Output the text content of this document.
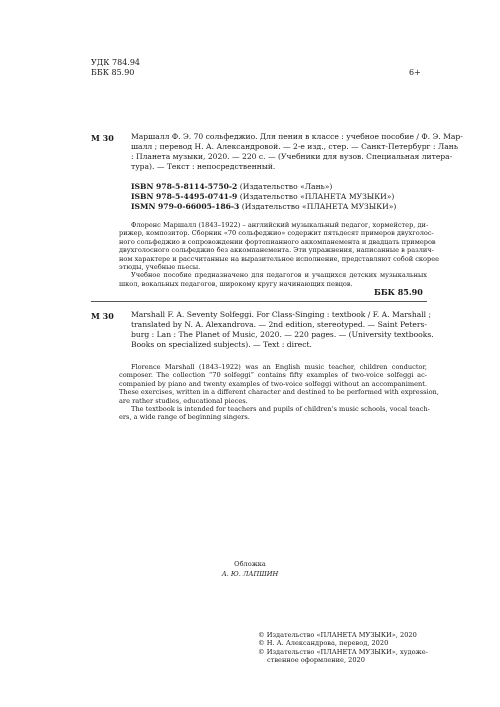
УДК 784.94
ББК 85.90	6+
М 30 Маршалл Ф. Э. 70 сольфеджио. Для пения в классе : учебное пособие / Ф. Э. Мар-
шалл ; перевод Н. А. Александровой. — 2-е изд., стер. — Санкт-Петербург : Лань
: Планета музыки, 2020. — 220 с. — (Учебники для вузов. Специальная литера-
тура). — Текст : непосредственный.
ISBN 978-5-8114-5750-2 (Издательство «Лань»)
ISBN 978-5-4495-0741-9 (Издательство «ПЛАНЕТА МУЗЫКИ»)
ISMN 979-0-66005-186-3 (Издательство «ПЛАНЕТА МУЗЫКИ»)
Флоренс Маршалл (1843–1922) – английский музыкальный педагог, хормейстер, ди-
рижер, композитор. Сборник «70 сольфеджио» содержит пятьдесят примеров двухголос-
ного сольфеджио в сопровождении фортепианного аккомпанемента и двадцать примеров
двухголосного сольфеджио без аккомпанемента. Эти упражнения, написанные в различ-
ном характере и рассчитанные на выразительное исполнение, представляют собой скорее
этюды, учебные пьесы.
Учебное пособие предназначено для педагогов и учащихся детских музыкальных
школ, вокальных педагогов, широкому кругу начинающих певцов.
ББК 85.90
М 30 Marshall F. A. Seventy Solfeggi. For Class-Singing : textbook / F. A. Marshall ;
translated by N. A. Alexandrova. — 2nd edition, stereotyped. — Saint Peters-
burg : Lan : The Planet of Music, 2020. — 220 pages. — (University textbooks.
Books on specialized subjects). — Text : direct.
Florence Marshall (1843–1922) was an English music teacher, children conductor,
composer. The collection “70 solfeggi” contains fifty examples of two-voice solfeggi ac-
companied by piano and twenty examples of two-voice solfeggi without an accompaniment.
These exercises, written in a different character and destined to be performed with expression,
are rather studies, educational pieces.
The textbook is intended for teachers and pupils of children's music schools, vocal teach-
ers, a wide range of beginning singers.
Обложка
А. Ю. ЛАПШИН
© Издательство «ПЛАНЕТА МУЗЫКИ», 2020
© Н. А. Александрова, перевод, 2020
© Издательство «ПЛАНЕТА МУЗЫКИ», художе-
ственное оформление, 2020
